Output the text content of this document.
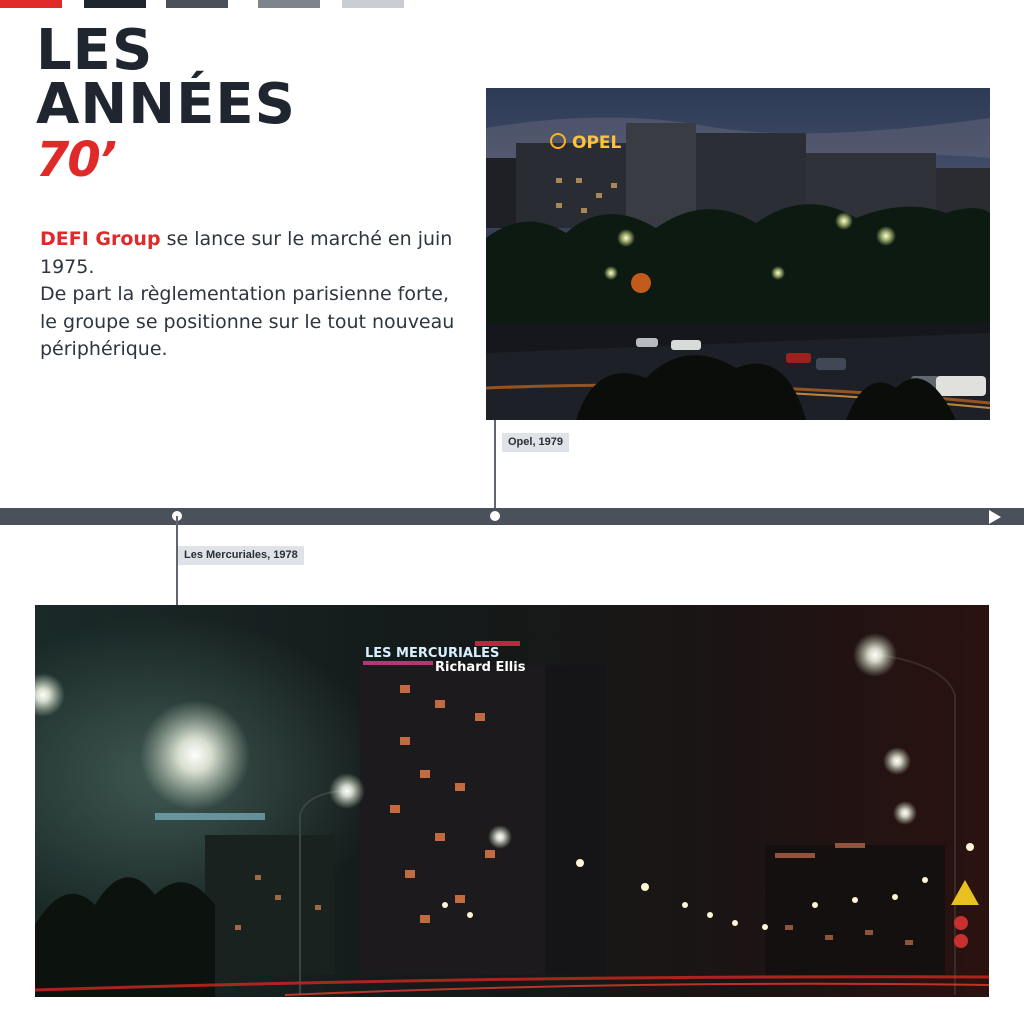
LES
ANNÉES
70’

DEFI Group se lance sur le marché en juin 1975.
De part la règlementation parisienne forte, le groupe se positionne sur le tout nouveau périphérique.

OPEL
Opel, 1979
Les Mercuriales, 1978
LES MERCURIALES
Richard Ellis
